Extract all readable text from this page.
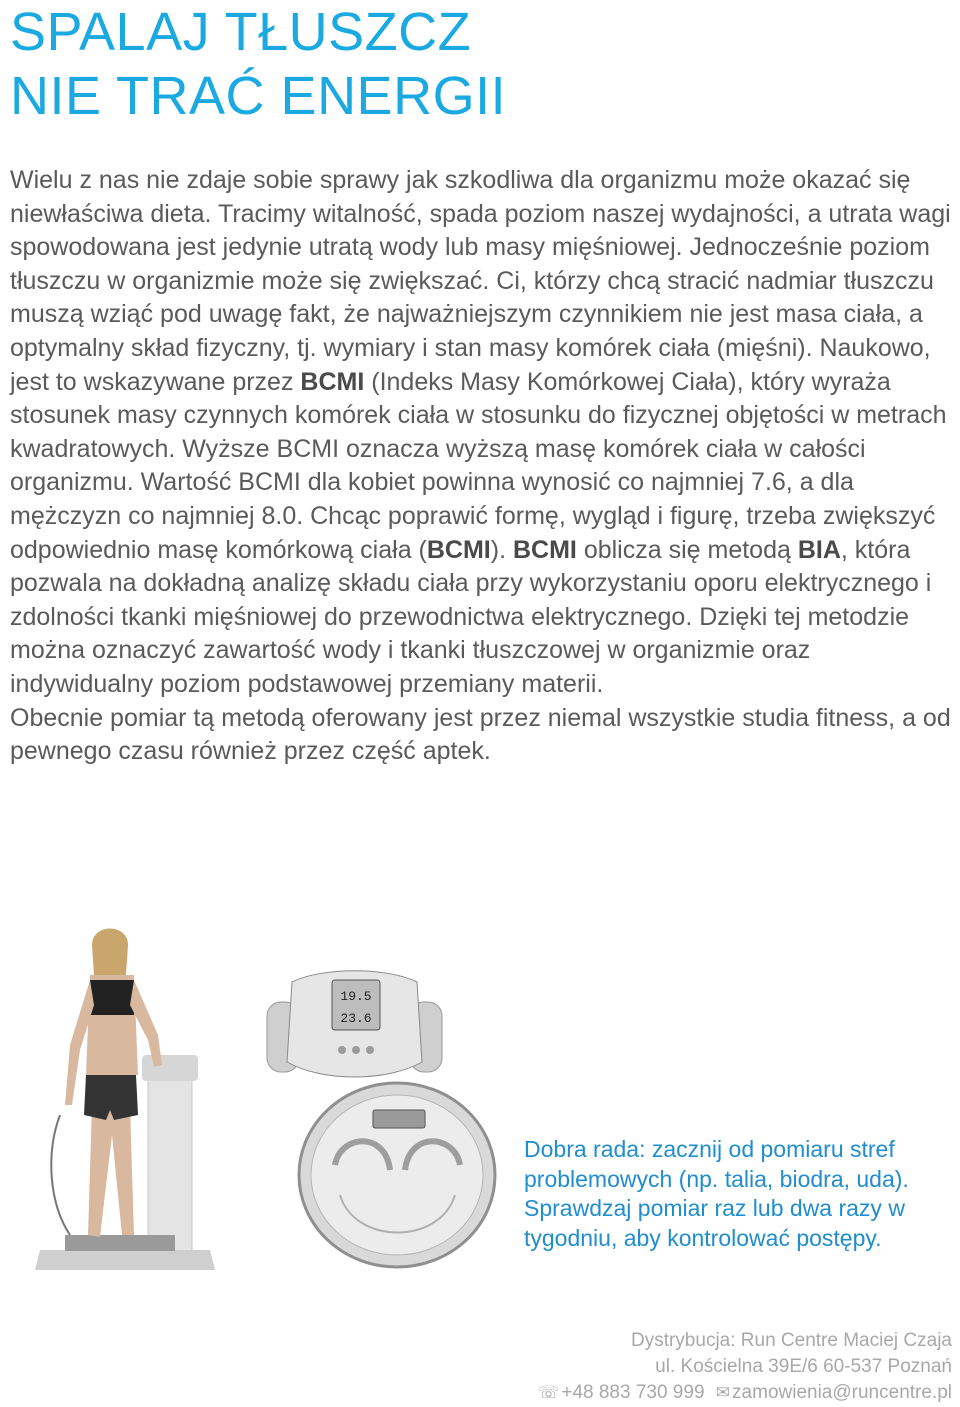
SPALAJ TŁUSZCZ
NIE TRAĆ ENERGII

Wielu z nas nie zdaje sobie sprawy jak szkodliwa dla organizmu może okazać się niewłaściwa dieta. Tracimy witalność, spada poziom naszej wydajności, a utrata wagi spowodowana jest jedynie utratą wody lub masy mięśniowej. Jednocześnie poziom tłuszczu w organizmie może się zwiększać. Ci, którzy chcą stracić nadmiar tłuszczu muszą wziąć pod uwagę fakt, że najważniejszym czynnikiem nie jest masa ciała, a optymalny skład fizyczny, tj. wymiary i stan masy komórek ciała (mięśni). Naukowo, jest to wskazywane przez BCMI (Indeks Masy Komórkowej Ciała), który wyraża stosunek masy czynnych komórek ciała w stosunku do fizycznej objętości w metrach kwadratowych. Wyższe BCMI oznacza wyższą masę komórek ciała w całości organizmu. Wartość BCMI dla kobiet powinna wynosić co najmniej 7.6, a dla mężczyzn co najmniej 8.0. Chcąc poprawić formę, wygląd i figurę, trzeba zwiększyć odpowiednio masę komórkową ciała (BCMI). BCMI oblicza się metodą BIA, która pozwala na dokładną analizę składu ciała przy wykorzystaniu oporu elektrycznego i zdolności tkanki mięśniowej do przewodnictwa elektrycznego. Dzięki tej metodzie można oznaczyć zawartość wody i tkanki tłuszczowej w organizmie oraz indywidualny poziom podstawowej przemiany materii.

Obecnie pomiar tą metodą oferowany jest przez niemal wszystkie studia fitness, a od pewnego czasu również przez część aptek.

19.5
23.6

Dobra rada: zacznij od pomiaru stref problemowych (np. talia, biodra, uda). Sprawdzaj pomiar raz lub dwa razy w tygodniu, aby kontrolować postępy.

Dystrybucja: Run Centre Maciej Czaja
ul. Kościelna 39E/6 60-537 Poznań
☏ +48 883 730 999 ✉ zamowienia@runcentre.pl
